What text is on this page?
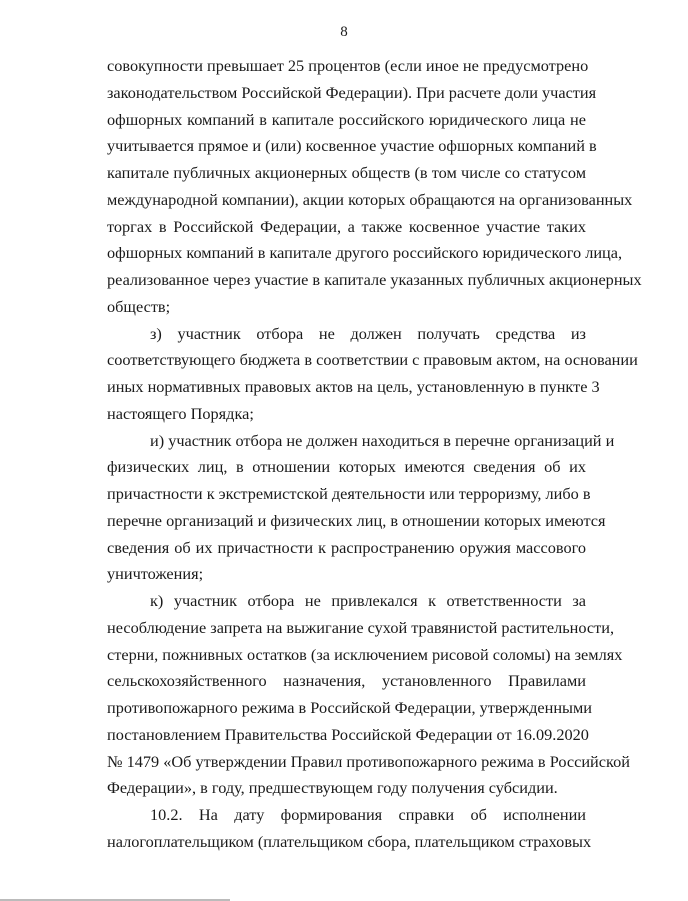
8
совокупности превышает 25 процентов (если иное не предусмотрено
законодательством Российской Федерации). При расчете доли участия
офшорных компаний в капитале российского юридического лица не
учитывается прямое и (или) косвенное участие офшорных компаний в
капитале публичных акционерных обществ (в том числе со статусом
международной компании), акции которых обращаются на организованных
торгах в Российской Федерации, а также косвенное участие таких
офшорных компаний в капитале другого российского юридического лица,
реализованное через участие в капитале указанных публичных акционерных
обществ;
з) участник отбора не должен получать средства из
соответствующего бюджета в соответствии с правовым актом, на основании
иных нормативных правовых актов на цель, установленную в пункте 3
настоящего Порядка;
и) участник отбора не должен находиться в перечне организаций и
физических лиц, в отношении которых имеются сведения об их
причастности к экстремистской деятельности или терроризму, либо в
перечне организаций и физических лиц, в отношении которых имеются
сведения об их причастности к распространению оружия массового
уничтожения;
к) участник отбора не привлекался к ответственности за
несоблюдение запрета на выжигание сухой травянистой растительности,
стерни, пожнивных остатков (за исключением рисовой соломы) на землях
сельскохозяйственного назначения, установленного Правилами
противопожарного режима в Российской Федерации, утвержденными
постановлением Правительства Российской Федерации от 16.09.2020
№ 1479 «Об утверждении Правил противопожарного режима в Российской
Федерации», в году, предшествующем году получения субсидии.
10.2. На дату формирования справки об исполнении
налогоплательщиком (плательщиком сбора, плательщиком страховых
